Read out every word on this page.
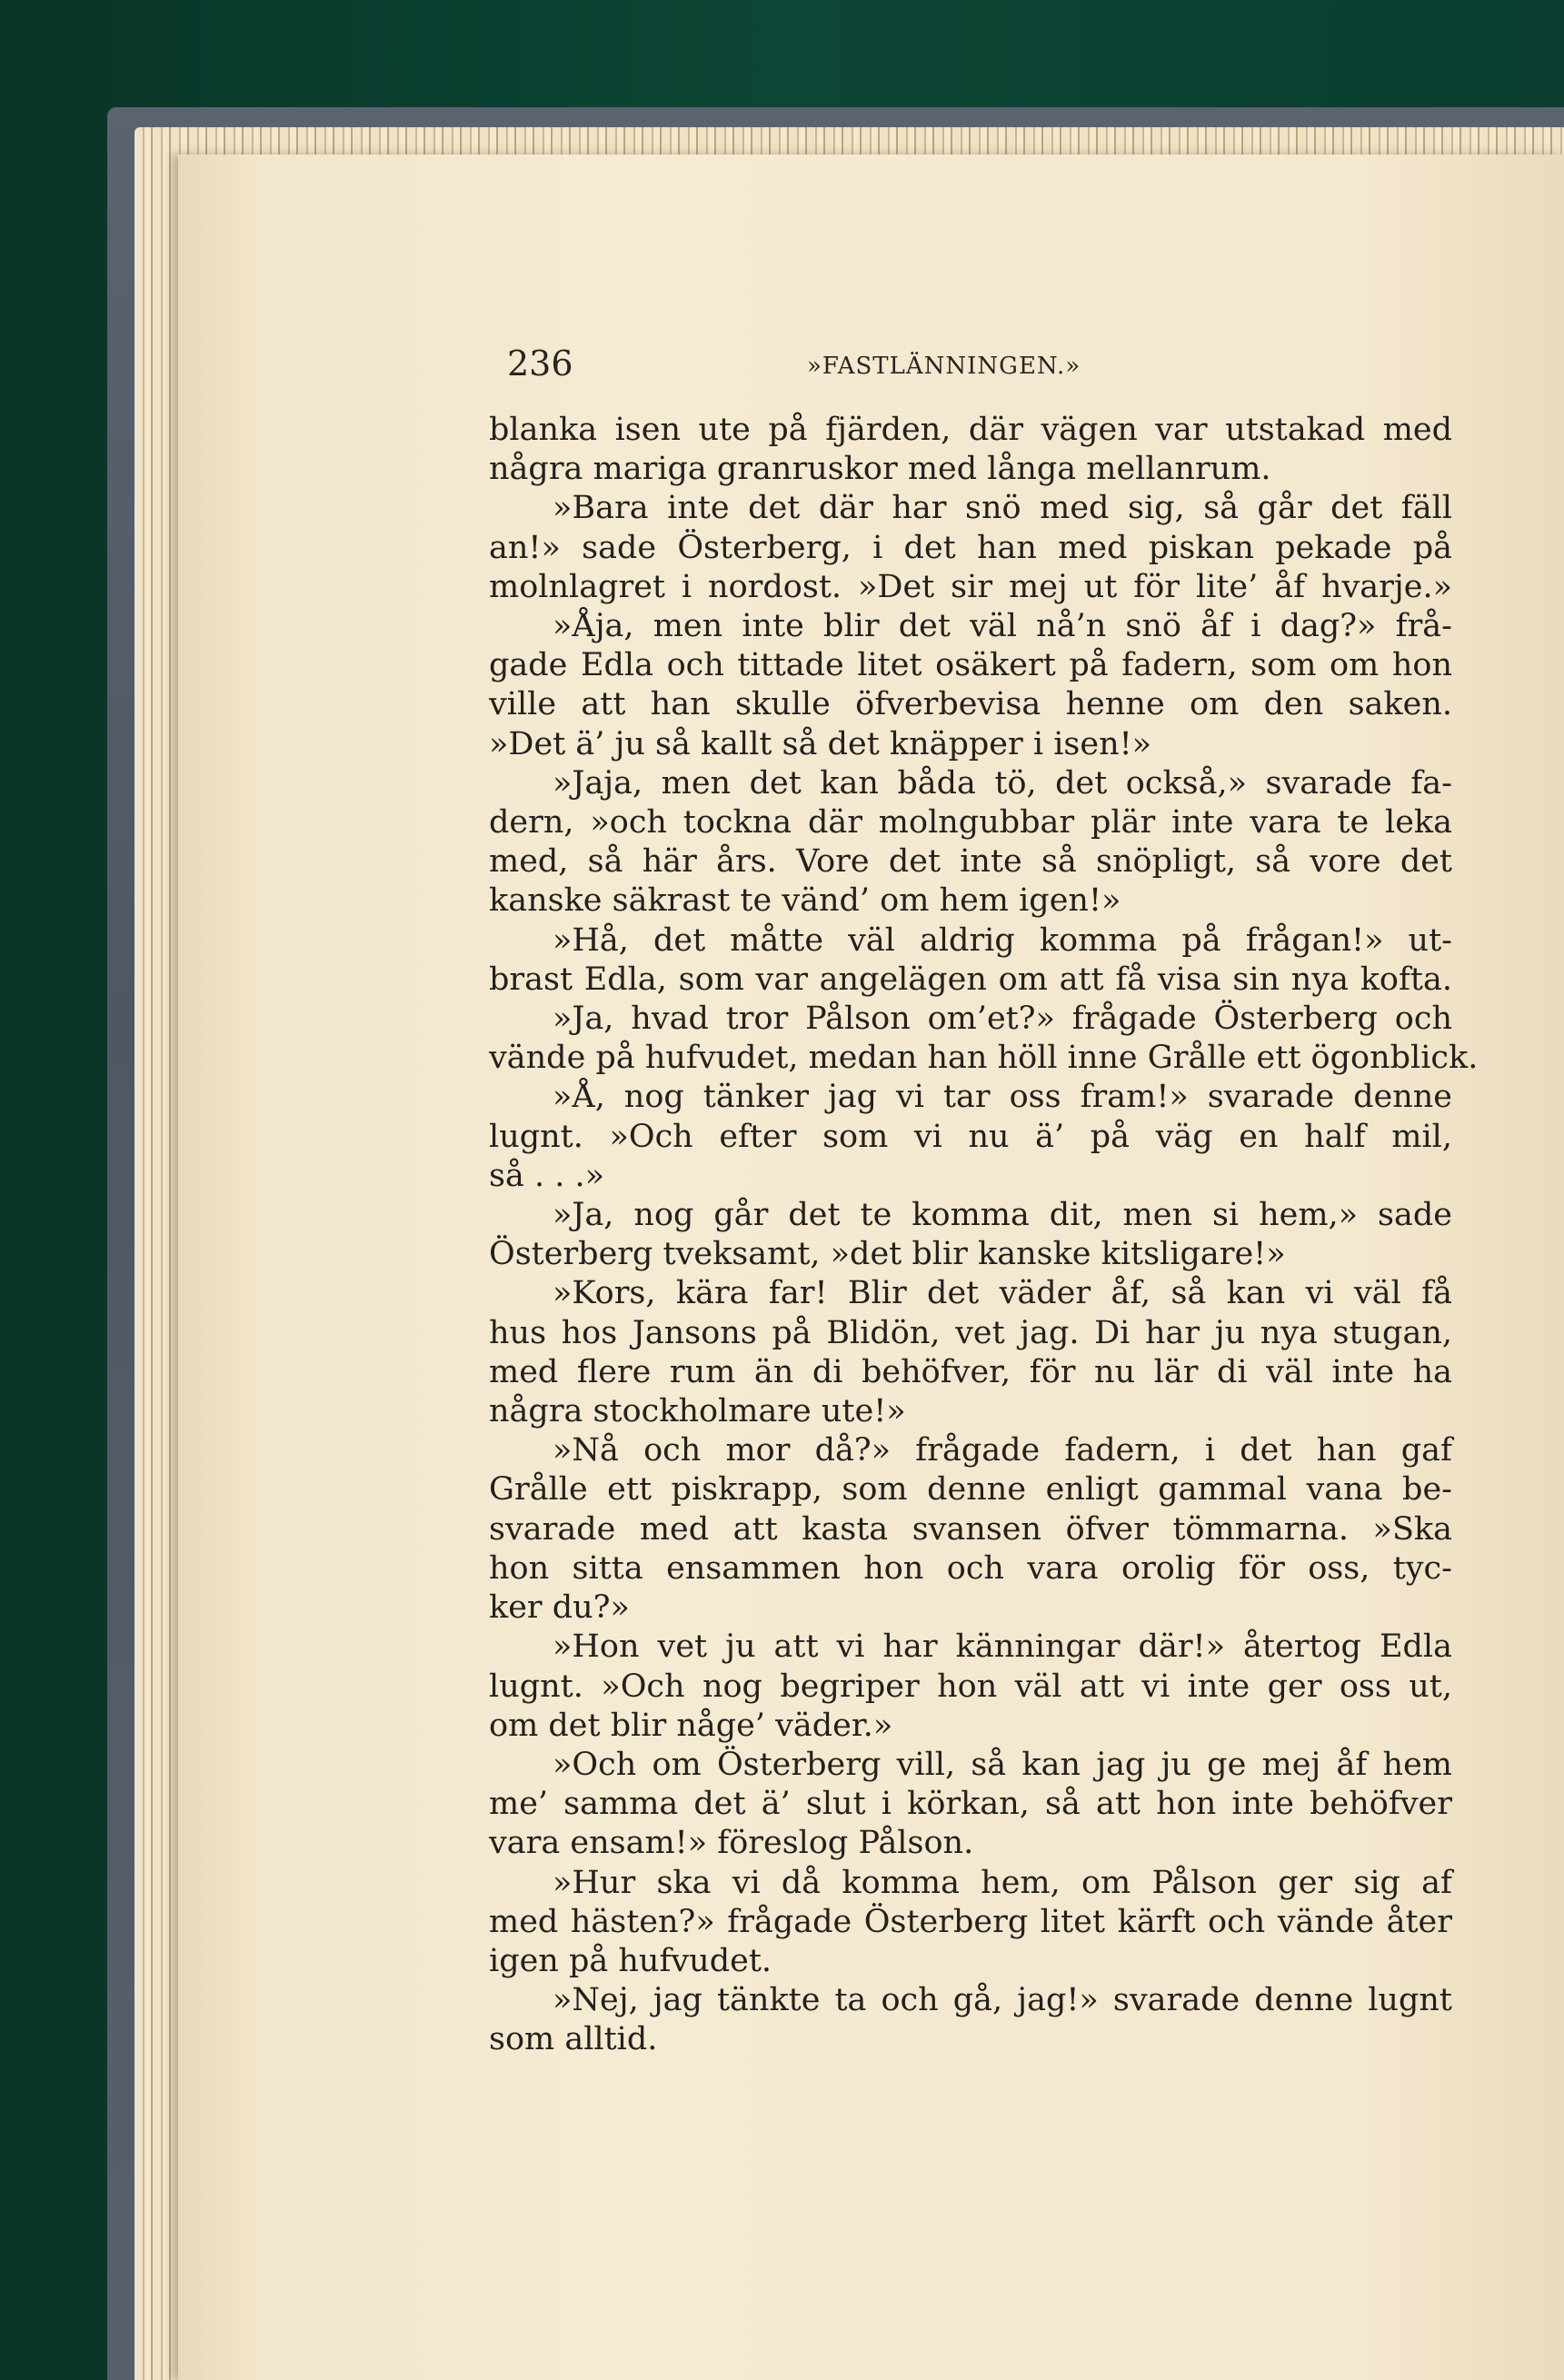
236	»FASTLÄNNINGEN.»
blanka isen ute på fjärden, där vägen var utstakad med
några mariga granruskor med långa mellanrum.
»Bara inte det där har snö med sig, så går det fäll
an!» sade Österberg, i det han med piskan pekade på
molnlagret i nordost. »Det sir mej ut för lite’ åf hvarje.»
»Åja, men inte blir det väl nå’n snö åf i dag?» frå-
gade Edla och tittade litet osäkert på fadern, som om hon
ville att han skulle öfverbevisa henne om den saken.
»Det ä’ ju så kallt så det knäpper i isen!»
»Jaja, men det kan båda tö, det också,» svarade fa-
dern, »och tockna där molngubbar plär inte vara te leka
med, så här års. Vore det inte så snöpligt, så vore det
kanske säkrast te vänd’ om hem igen!»
»Hå, det måtte väl aldrig komma på frågan!» ut-
brast Edla, som var angelägen om att få visa sin nya kofta.
»Ja, hvad tror Pålson om’et?» frågade Österberg och
vände på hufvudet, medan han höll inne Grålle ett ögonblick.
»Å, nog tänker jag vi tar oss fram!» svarade denne
lugnt. »Och efter som vi nu ä’ på väg en half mil,
så . . .»
»Ja, nog går det te komma dit, men si hem,» sade
Österberg tveksamt, »det blir kanske kitsligare!»
»Kors, kära far! Blir det väder åf, så kan vi väl få
hus hos Jansons på Blidön, vet jag. Di har ju nya stugan,
med flere rum än di behöfver, för nu lär di väl inte ha
några stockholmare ute!»
»Nå och mor då?» frågade fadern, i det han gaf
Grålle ett piskrapp, som denne enligt gammal vana be-
svarade med att kasta svansen öfver tömmarna. »Ska
hon sitta ensammen hon och vara orolig för oss, tyc-
ker du?»
»Hon vet ju att vi har känningar där!» återtog Edla
lugnt. »Och nog begriper hon väl att vi inte ger oss ut,
om det blir någe’ väder.»
»Och om Österberg vill, så kan jag ju ge mej åf hem
me’ samma det ä’ slut i körkan, så att hon inte behöfver
vara ensam!» föreslog Pålson.
»Hur ska vi då komma hem, om Pålson ger sig af
med hästen?» frågade Österberg litet kärft och vände åter
igen på hufvudet.
»Nej, jag tänkte ta och gå, jag!» svarade denne lugnt
som alltid.
